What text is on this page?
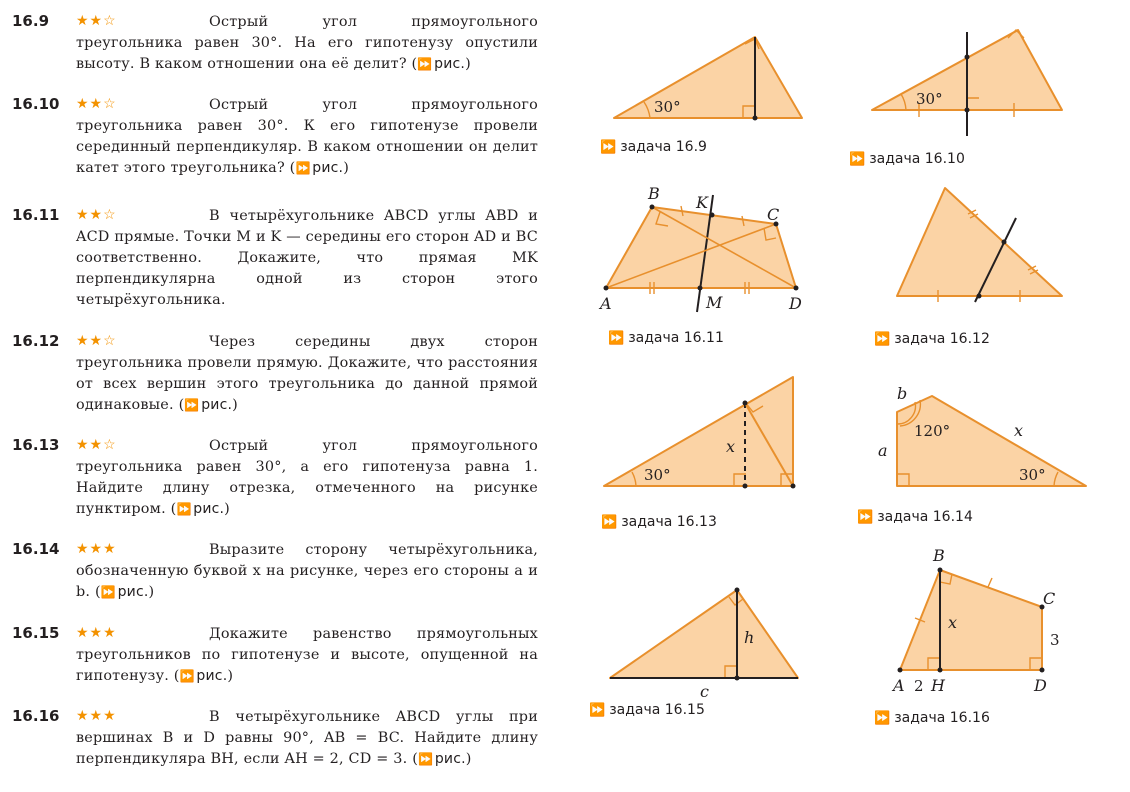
16.9 ★★☆	Острый угол прямоугольного треугольника равен 30°. На его гипотенузу опустили высоту. В каком отношении она её делит? (⏩  рис.)

16.10 ★★☆	Острый угол прямоугольного треугольника равен 30°. К его гипотенузе провели серединный перпендикуляр. В каком отношении он делит катет этого треугольника? (⏩  рис.)

16.11 ★★☆	В четырёхугольнике ABCD углы ABD и ACD прямые. Точки M и K — середины его сторон AD и BC соответственно. Докажите, что прямая MK перпендикулярна одной из сторон этого четырёхугольника.

16.12 ★★☆	Через середины двух сторон треугольника провели прямую. Докажите, что расстояния от всех вершин этого треугольника до данной прямой одинаковые. (⏩  рис.)

16.13 ★★☆	Острый угол прямоугольного треугольника равен 30°, а его гипотенуза равна 1. Найдите длину отрезка, отмеченного на рисунке пунктиром. (⏩  рис.)

16.14 ★★★	Выразите сторону четырёхугольника, обозначенную буквой x на рисунке, через его стороны a и b. (⏩  рис.)

16.15 ★★★	Докажите равенство прямоугольных треугольников по гипотенузе и высоте, опущенной на гипотенузу. (⏩  рис.)

16.16 ★★★	В четырёхугольнике ABCD углы при вершинах B и D равны 90°, AB = BC. Найдите длину перпендикуляра BH, если AH = 2, CD = 3. (⏩  рис.)

30°	30°
B K
C
A	M	D
30°
x
b
a
120°	x
30°
h
c
B
C
x
3
A 2 H	D
⏩ задача 16.9
⏩ задача 16.10
⏩ задача 16.11	⏩ задача 16.12
⏩ задача 16.13	⏩ задача 16.14
⏩ задача 16.15
⏩ задача 16.16
